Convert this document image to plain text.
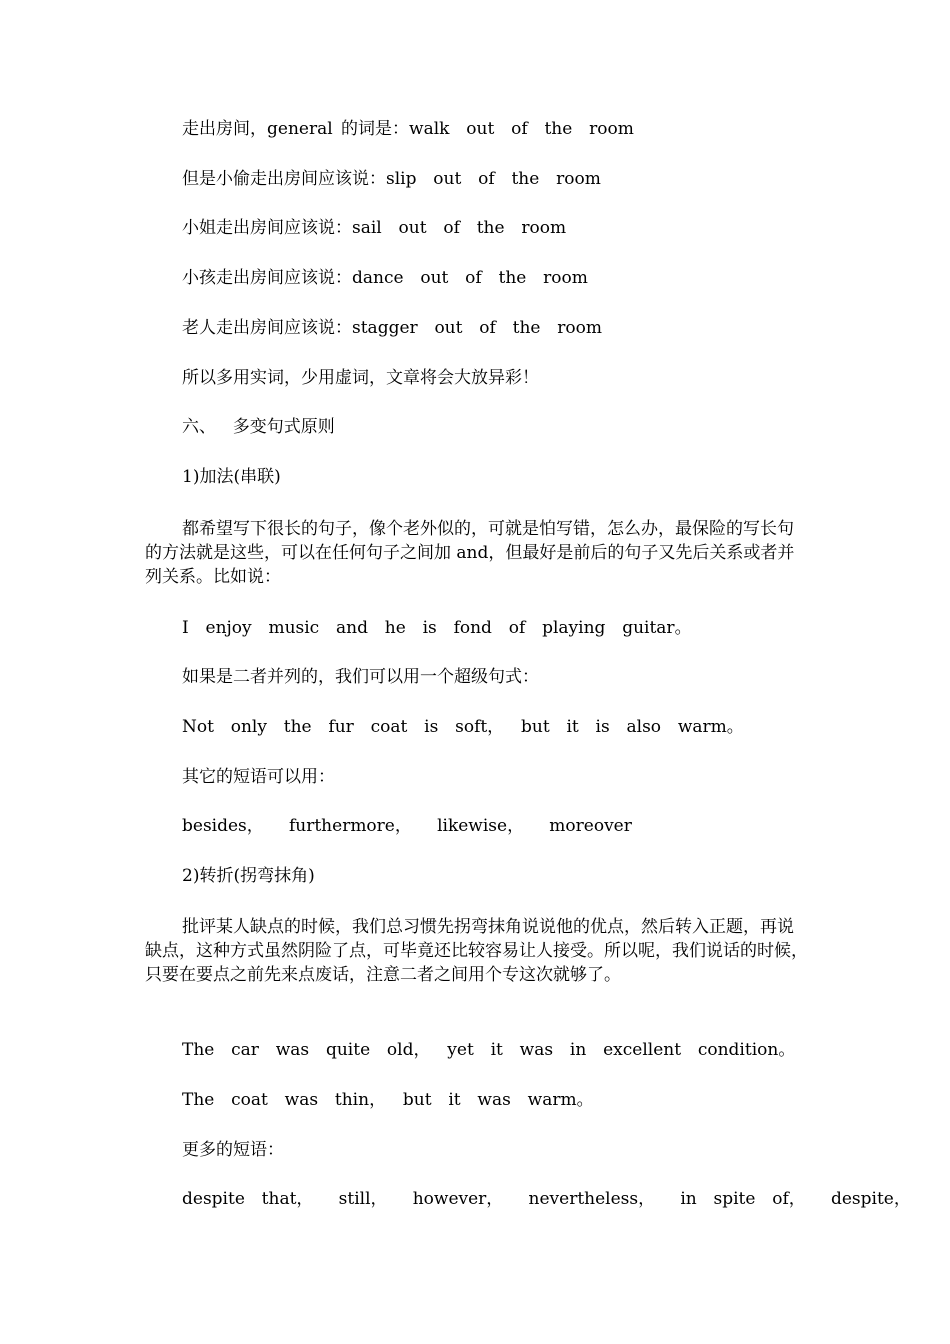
走出房间，general 的词是：walk  out  of  the  room
但是小偷走出房间应该说：slip  out  of  the  room
小姐走出房间应该说：sail  out  of  the  room
小孩走出房间应该说：dance  out  of  the  room
老人走出房间应该说：stagger  out  of  the  room
所以多用实词，少用虚词，文章将会大放异彩！
六、  多变句式原则
1)加法(串联)
都希望写下很长的句子，像个老外似的，可就是怕写错，怎么办，最保险的写长句的方法就是这些，可以在任何句子之间加 and，但最好是前后的句子又先后关系或者并列关系。比如说：
I  enjoy  music  and  he  is  fond  of  playing  guitar。
如果是二者并列的，我们可以用一个超级句式：
Not  only  the  fur  coat  is  soft，  but  it  is  also  warm。
其它的短语可以用：
besides，   furthermore，   likewise，   moreover
2)转折(拐弯抹角)
批评某人缺点的时候，我们总习惯先拐弯抹角说说他的优点，然后转入正题，再说缺点，这种方式虽然阴险了点，可毕竟还比较容易让人接受。所以呢，我们说话的时候，只要在要点之前先来点废话，注意二者之间用个专这次就够了。
The  car  was  quite  old，  yet  it  was  in  excellent  condition。
The  coat  was  thin，  but  it  was  warm。
更多的短语：
despite  that，   still，   however，   nevertheless，   in  spite  of，   despite，
